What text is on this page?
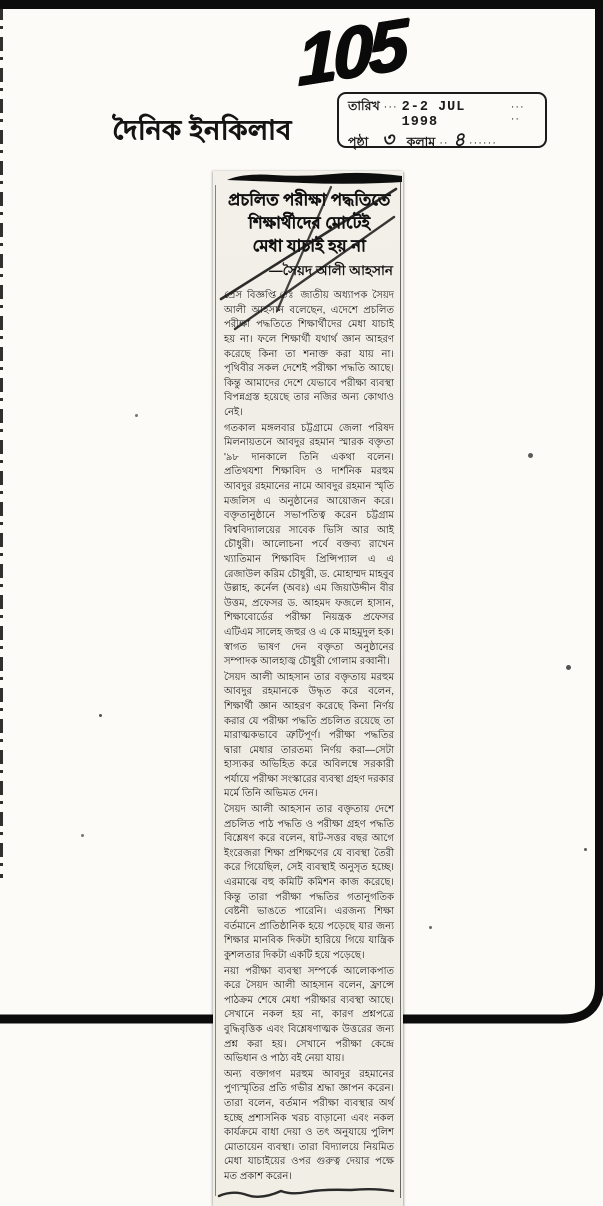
105
দৈনিক ইনকিলাব
তারিখ ··· 2-2 JUL 1998
··· ··
পৃষ্ঠা ৩ কলাম ·· ৪ ······
প্রচলিত পরীক্ষা পদ্ধতিতে
শিক্ষার্থীদের মোটেই
মেধা যাচাই হয় না
—সৈয়দ আলী আহসান

প্রেস বিজ্ঞপ্তি ঃ জাতীয় অধ্যাপক সৈয়দ আলী আহসান বলেছেন, এদেশে প্রচলিত পরীক্ষা পদ্ধতিতে শিক্ষার্থীদের মেধা যাচাই হয় না। ফলে শিক্ষার্থী যথার্থ জ্ঞান আহরণ করেছে কিনা তা শনাক্ত করা যায় না। পৃথিবীর সকল দেশেই পরীক্ষা পদ্ধতি আছে। কিন্তু আমাদের দেশে যেভাবে পরীক্ষা ব্যবস্থা বিপন্নগ্রস্ত হয়েছে তার নজির অন্য কোথাও নেই।

গতকাল মঙ্গলবার চট্টগ্রামে জেলা পরিষদ মিলনায়তনে আবদুর রহমান স্মারক বক্তৃতা '৯৮ দানকালে তিনি একথা বলেন। প্রতিথযশা শিক্ষাবিদ ও দার্শনিক মরহুম আবদুর রহমানের নামে আবদুর রহমান স্মৃতি মজলিস এ অনুষ্ঠানের আয়োজন করে। বক্তৃতানুষ্ঠানে সভাপতিত্ব করেন চট্টগ্রাম বিশ্ববিদ্যালয়ের সাবেক ভিসি আর আই চৌধুরী। আলোচনা পর্বে বক্তব্য রাখেন খ্যাতিমান শিক্ষাবিদ প্রিন্সিপ্যাল এ এ রেজাউল করিম চৌধুরী, ড. মোহাম্মদ মাহবুব উল্লাহ, কর্নেল (অবঃ) এম জিয়াউদ্দীন বীর উত্তম, প্রফেসর ড. আহমদ ফজলে হাসান, শিক্ষাবোর্ডের পরীক্ষা নিয়ন্ত্রক প্রফেসর এটিএম সালেহ জহুর ও এ কে মাহমুদুল হক। স্বাগত ভাষণ দেন বক্তৃতা অনুষ্ঠানের সম্পাদক আলহাজ্ব চৌধুরী গোলাম রব্বানী।

সৈয়দ আলী আহসান তার বক্তৃতায় মরহুম আবদুর রহমানকে উদ্ধৃত করে বলেন, শিক্ষার্থী জ্ঞান আহরণ করেছে কিনা নির্ণয় করার যে পরীক্ষা পদ্ধতি প্রচলিত রয়েছে তা মারাত্মকভাবে ত্রুটিপূর্ণ। পরীক্ষা পদ্ধতির দ্বারা মেধার তারতম্য নির্ণয় করা—সেটা হাস্যকর অভিহিত করে অবিলম্বে সরকারী পর্যায়ে পরীক্ষা সংস্কারের ব্যবস্থা গ্রহণ দরকার মর্মে তিনি অভিমত দেন।

সৈয়দ আলী আহসান তার বক্তৃতায় দেশে প্রচলিত পাঠ পদ্ধতি ও পরীক্ষা গ্রহণ পদ্ধতি বিশ্লেষণ করে বলেন, ষাট-সত্তর বছর আগে ইংরেজরা শিক্ষা প্রশিক্ষণের যে ব্যবস্থা তৈরী করে গিয়েছিল, সেই ব্যবস্থাই অনুসৃত হচ্ছে। এরমাঝে বহু কমিটি কমিশন কাজ করেছে। কিন্তু তারা পরীক্ষা পদ্ধতির গতানুগতিক বেষ্টনী ভাঙতে পারেনি। এরজন্য শিক্ষা বর্তমানে প্রাতিষ্ঠানিক হয়ে পড়েছে যার জন্য শিক্ষার মানবিক দিকটা হারিয়ে গিয়ে যান্ত্রিক কুশলতার দিকটা একটি হয়ে পড়েছে।

নয়া পরীক্ষা ব্যবস্থা সম্পর্কে আলোকপাত করে সৈয়দ আলী আহসান বলেন, ফ্রান্সে পাঠক্রম শেষে মেধা পরীক্ষার ব্যবস্থা আছে। সেখানে নকল হয় না, কারণ প্রশ্নপত্রে বুদ্ধিবৃত্তিক এবং বিশ্লেষণাত্মক উত্তরের জন্য প্রশ্ন করা হয়। সেখানে পরীক্ষা কেন্দ্রে অভিধান ও পাঠ্য বই নেয়া যায়।

অন্য বক্তাগণ মরহুম আবদুর রহমানের পুণ্যস্মৃতির প্রতি গভীর শ্রদ্ধা জ্ঞাপন করেন। তারা বলেন, বর্তমান পরীক্ষা ব্যবস্থার অর্থ হচ্ছে প্রশাসনিক খরচ বাড়ানো এবং নকল কার্যক্রমে বাধা দেয়া ও তৎ অনুযায়ে পুলিশ মোতায়েন ব্যবস্থা। তারা বিদ্যালয়ে নিয়মিত মেধা যাচাইয়ের ওপর গুরুত্ব দেয়ার পক্ষে মত প্রকাশ করেন।
